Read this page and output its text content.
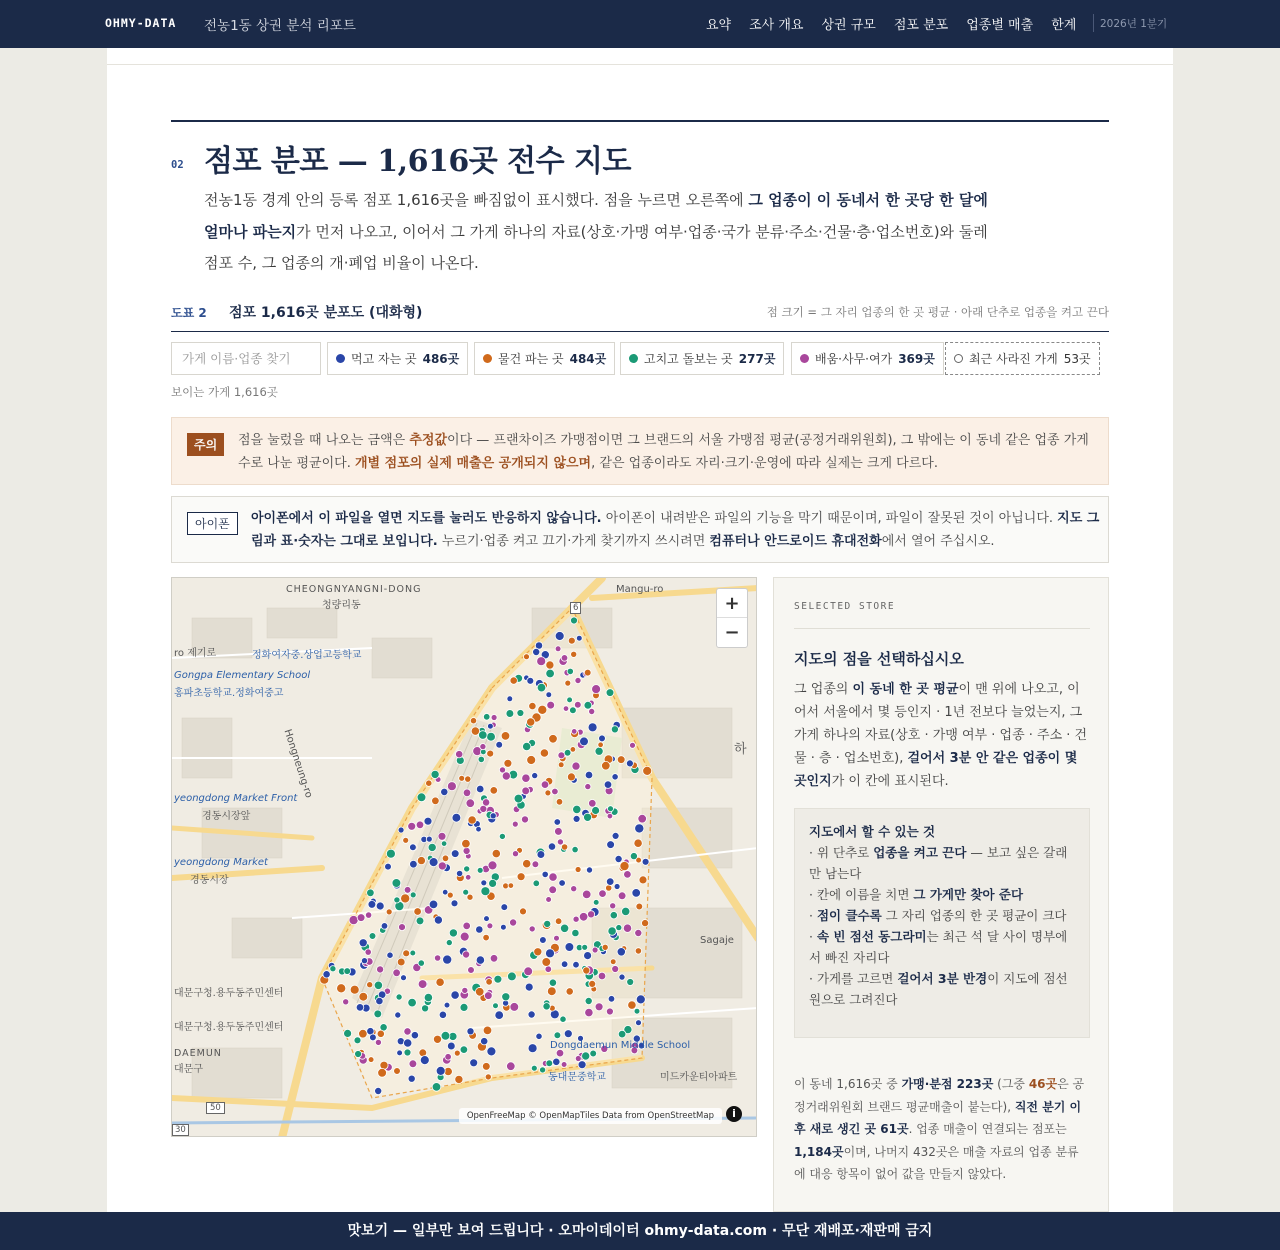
OHMY-DATA 전농1동 상권 분석 리포트	요약 조사 개요 상권 규모 점포 분포 업종별 매출 한계 2026년 1분기
02 점포 분포 — 1,616곳 전수 지도

전농1동 경계 안의 등록 점포 1,616곳을 빠짐없이 표시했다. 점을 누르면 오른쪽에 그 업종이 이 동네서 한 곳당 한 달에 얼마나 파는지가 먼저 나오고, 이어서 그 가게 하나의 자료(상호·가맹 여부·업종·국가 분류·주소·건물·층·업소번호)와 둘레 점포 수, 그 업종의 개·폐업 비율이 나온다.

도표 2 점포 1,616곳 분포도 (대화형)	점 크기 = 그 자리 업종의 한 곳 평균 · 아래 단추로 업종을 켜고 끈다
가게 이름·업종 찾기
먹고 자는 곳 486곳	물건 파는 곳 484곳	고치고 돌보는 곳 277곳	배움·사무·여가 369곳	최근 사라진 가게 53곳
보이는 가게 1,616곳
주의	점을 눌렀을 때 나오는 금액은 추정값이다 — 프랜차이즈 가맹점이면 그 브랜드의 서울 가맹점 평균(공정거래위원회), 그 밖에는 이 동네 같은 업종 가게 수로 나눈 평균이다. 개별 점포의 실제 매출은 공개되지 않으며, 같은 업종이라도 자리·크기·운영에 따라 실제는 크게 다르다.

아이폰	아이폰에서 이 파일을 열면 지도를 눌러도 반응하지 않습니다. 아이폰이 내려받은 파일의 기능을 막기 때문이며, 파일이 잘못된 것이 아닙니다. 지도 그림과 표·숫자는 그대로 보입니다. 누르기·업종 켜고 끄기·가게 찾기까지 쓰시려면 컴퓨터나 안드로이드 휴대전화에서 열어 주십시오.

CHEONGNYANGNI-DONG
청량리동
정화여자중.상업고등학교
ro 제기로
Gongpa Elementary School
홍파초등학교.정화여중고
yeongdong Market Front
경동시장앞
yeongdong Market
경동시장
대문구청.용두동주민센터
대문구청.용두동주민센터
DAEMUN
대문구
Dongdaemun Middle School
동대문중학교	미드카운티아파트
Sagaje
Mangu-ro
Hongneung-ro
50
30
6
하
+
−
OpenFreeMap © OpenMapTiles Data from OpenStreetMap	i
SELECTED STORE
지도의 점을 선택하십시오

그 업종의 이 동네 한 곳 평균이 맨 위에 나오고, 이어서 서울에서 몇 등인지 · 1년 전보다 늘었는지, 그 가게 하나의 자료(상호 · 가맹 여부 · 업종 · 주소 · 건물 · 층 · 업소번호), 걸어서 3분 안 같은 업종이 몇 곳인지가 이 칸에 표시된다.

지도에서 할 수 있는 것
· 위 단추로 업종을 켜고 끈다 — 보고 싶은 갈래만 남는다
· 칸에 이름을 치면 그 가게만 찾아 준다
· 점이 클수록 그 자리 업종의 한 곳 평균이 크다
· 속 빈 점선 동그라미는 최근 석 달 사이 명부에서 빠진 자리다
· 가게를 고르면 걸어서 3분 반경이 지도에 점선 원으로 그려진다

이 동네 1,616곳 중 가맹·분점 223곳 (그중 46곳은 공정거래위원회 브랜드 평균매출이 붙는다), 직전 분기 이후 새로 생긴 곳 61곳. 업종 매출이 연결되는 점포는 1,184곳이며, 나머지 432곳은 매출 자료의 업종 분류에 대응 항목이 없어 값을 만들지 않았다.

맛보기 — 일부만 보여 드립니다 · 오마이데이터 ohmy-data.com · 무단 재배포·재판매 금지
